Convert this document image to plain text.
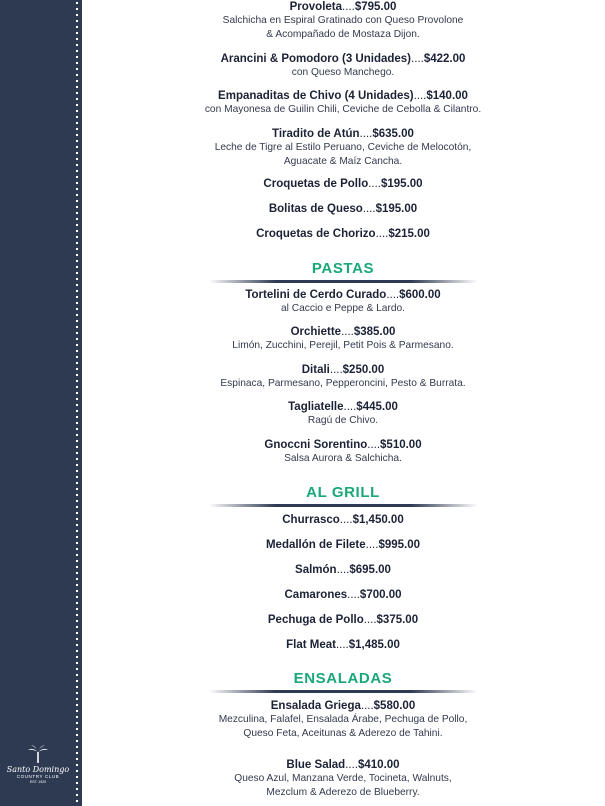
Santo Domingo
COUNTRY CLUB
EST. 1920
Provoleta....$795.00
Salchicha en Espiral Gratinado con Queso Provolone
& Acompañado de Mostaza Dijon.
Arancini & Pomodoro (3 Unidades)....$422.00
con Queso Manchego.
Empanaditas de Chivo (4 Unidades)....$140.00
con Mayonesa de Guilin Chili, Ceviche de Cebolla & Cilantro.
Tiradito de Atún....$635.00
Leche de Tigre al Estilo Peruano, Ceviche de Melocotón,
Aguacate & Maíz Cancha.
Croquetas de Pollo....$195.00
Bolitas de Queso....$195.00
Croquetas de Chorizo....$215.00
PASTAS
Tortelini de Cerdo Curado....$600.00
al Caccio e Peppe & Lardo.
Orchiette....$385.00
Limón, Zucchini, Perejil, Petit Pois & Parmesano.
Ditali....$250.00
Espinaca, Parmesano, Pepperoncini, Pesto & Burrata.
Tagliatelle....$445.00
Ragú de Chivo.
Gnoccni Sorentino....$510.00
Salsa Aurora & Salchicha.
AL GRILL
Churrasco....$1,450.00
Medallón de Filete....$995.00
Salmón....$695.00
Camarones....$700.00
Pechuga de Pollo....$375.00
Flat Meat....$1,485.00
ENSALADAS
Ensalada Griega....$580.00
Mezculina, Falafel, Ensalada Árabe, Pechuga de Pollo,
Queso Feta, Aceitunas & Aderezo de Tahini.
Blue Salad....$410.00
Queso Azul, Manzana Verde, Tocineta, Walnuts,
Mezclum & Aderezo de Blueberry.
